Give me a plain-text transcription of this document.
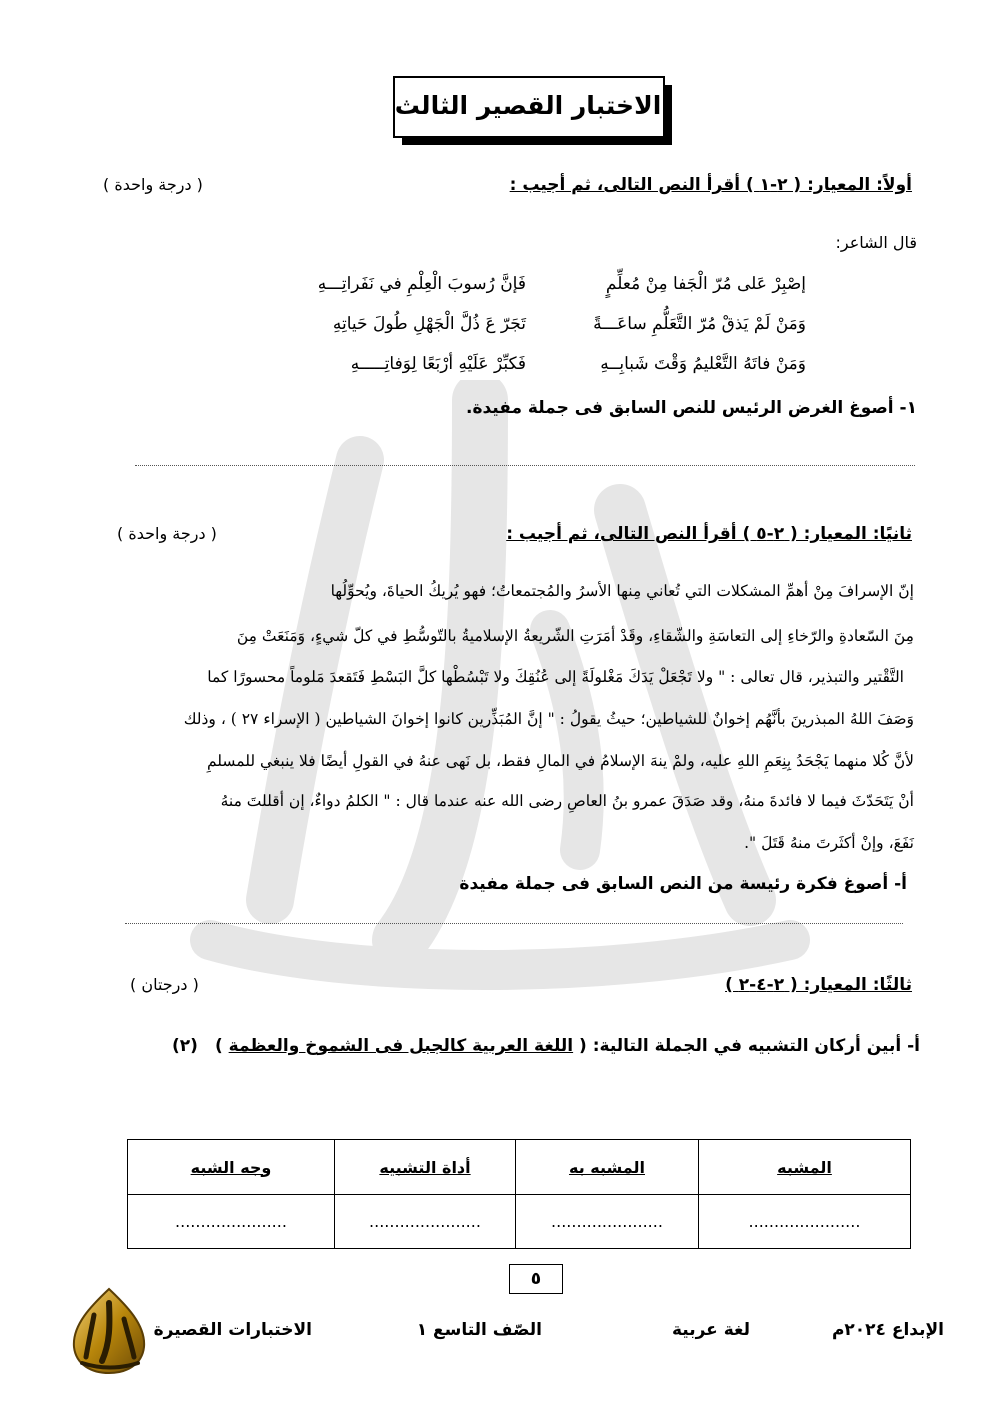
الاختبار القصير الثالث
أولاً: المعيار: ( ٢-١ ) أقرأ النص التالى، ثم أجيب :
( درجة واحدة )
قال الشاعر:
إصْبِرْ عَلى مُرّ الْجَفا مِنْ مُعلِّمٍ
فَإنَّ رُسوبَ الْعِلْمِ في نَفَراتِـــهِ
وَمَنْ لَمْ يَذقْ مُرّ التَّعَلُّمِ ساعَـــةً
تَجَرّ عَ ذُلَّ الْجَهْلِ طُولَ حَياتِهِ
وَمَنْ فاتَهُ التَّعْليمُ وَقْتَ شَبابِــهِ
فَكبِّرْ عَلَيْهِ أرْبَعًا لِوَفاتِـــــهِ
١- أصوغ الغرض الرئيس للنص السابق فى جملة مفيدة.
ثانيًا: المعيار: ( ٢-٥ ) أقرأ النص التالى، ثم أجيب :
( درجة واحدة )
إنّ الإسرافَ مِنْ أهمِّ المشكلات التي تُعاني مِنها الأسرُ والمُجتمعاتُ؛ فهو يُريكُ الحياةَ، ويُحوِّلُها
مِنَ السّعادةِ والرّخاءِ إلى التعاسَةِ والشّقاءِ، وقَدْ أمَرَتِ الشّريعةُ الإسلاميةُ بالتّوسُّطِ في كلّ شيءٍ، وَمَنَعَتْ مِنَ
التَّقْتير والتبذير، قال تعالى : " ولا تَجْعَلْ يَدَكَ مَغْلولَةً إلى عُنُقِكَ ولا تَبْسُطْها كلَّ البَسْطِ فَتَقعدَ مَلوماً محسورًا كما
وَصَفَ اللهُ المبذرينَ بأنَّهُم إخوانٌ للشياطين؛ حيثُ يقولُ : " إنَّ المُبَذِّرين كانوا إخوانَ الشياطين ( الإسراء ٢٧ ) ، وذلك
لأنَّ كُلا منهما يَجْحَدُ بِنِعَمِ اللهِ عليه، ولمْ ينهَ الإسلامُ في المالِ فقط، بل نَهى عنهُ في القولِ أيضًا فلا ينبغي للمسلمِ
أنْ يَتَحَدّثَ فيما لا فائدةَ منهُ، وقد صَدَقَ عمرو بنُ العاصِ رضى الله عنه عندما قال : " الكلمُ دواءٌ، إن أقللتَ منهُ
نَفَعَ، وإنْ أكثَرتَ منهُ قَتَلَ ".
أ- أصوغ فكرة رئيسة من النص السابق فى جملة مفيدة
ثالثًا: المعيار: ( ٢-٤-٢ )
( درجتان )
أ- أبين أركان التشبيه في الجملة التالية: ( اللغة العربية كالجبل فى الشموخ والعظمة )
(٢)
المشبه	المشبه به	أداة التشبيه	وجه الشبه
......................	......................	......................	......................
٥
الإبداع ٢٠٢٤م
لغة عربية
الصّف التاسع ١
الاختبارات القصيرة
